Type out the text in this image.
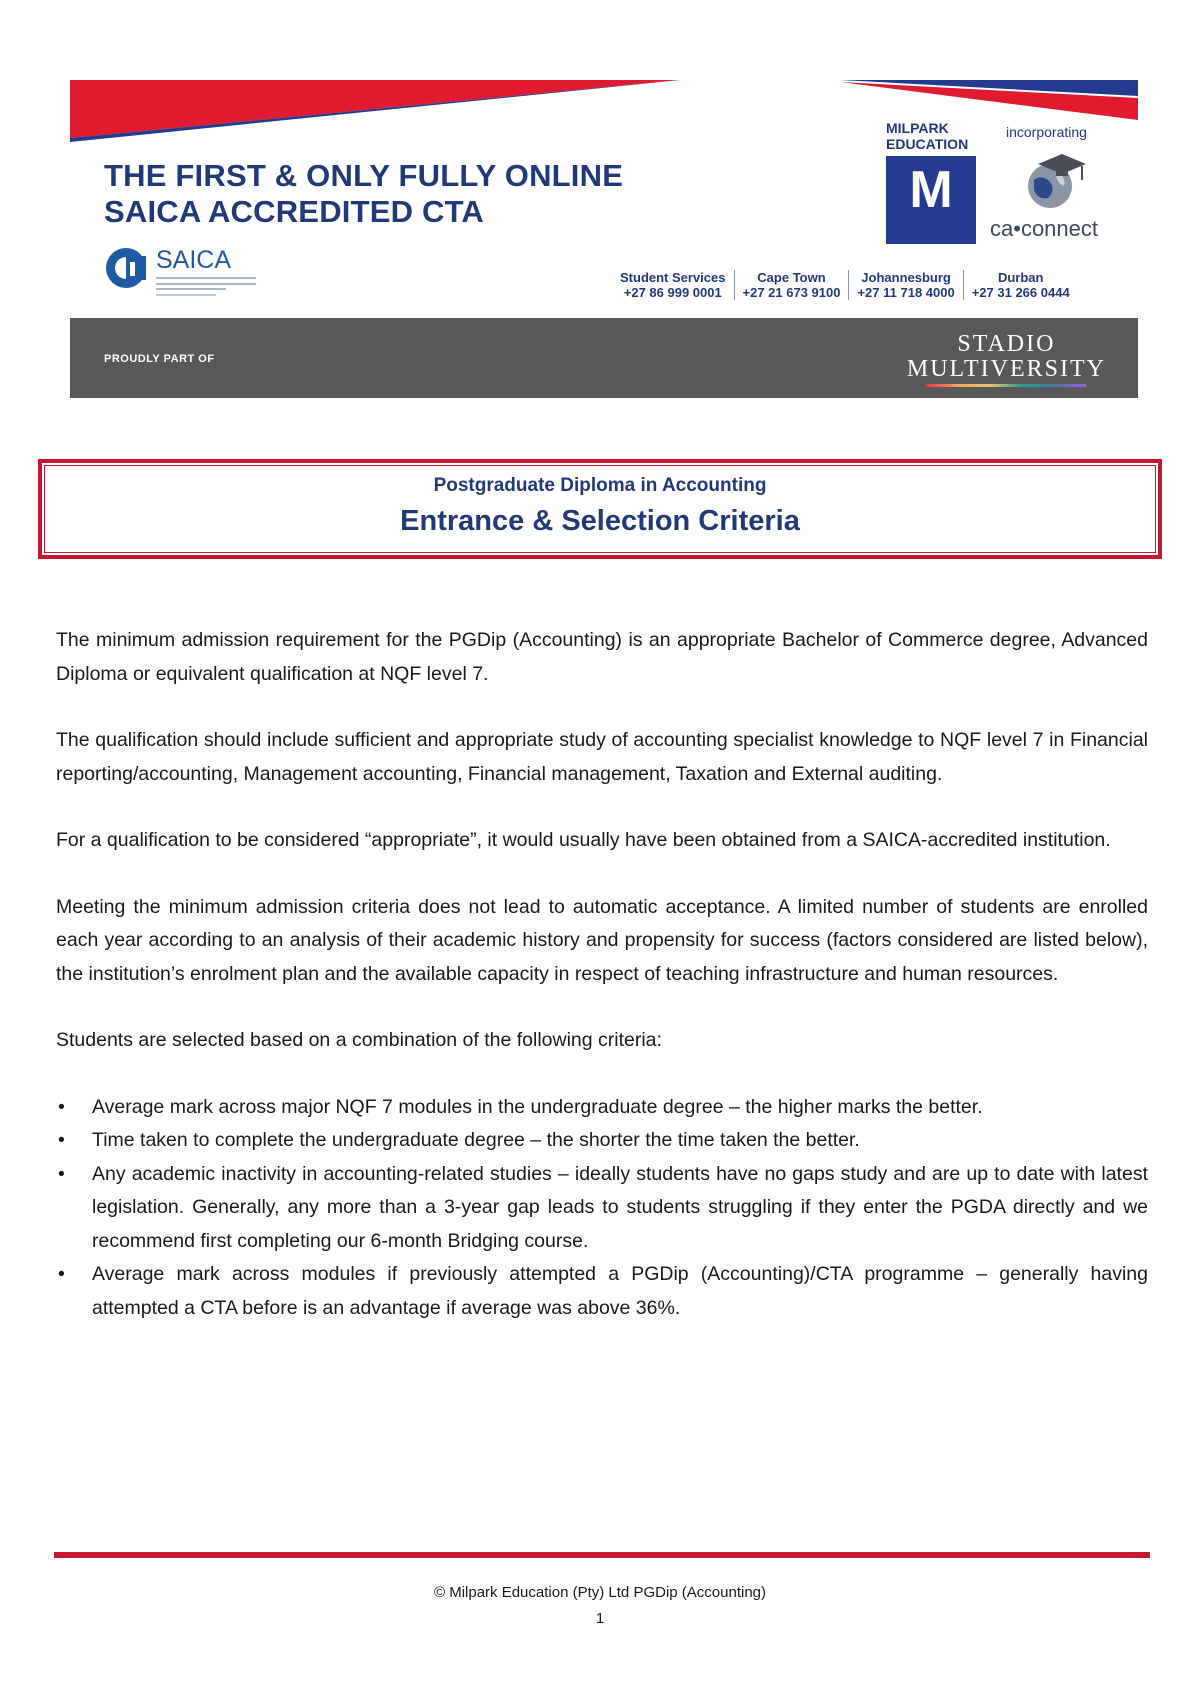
THE FIRST & ONLY FULLY ONLINE
SAICA ACCREDITED CTA
SAICA
MILPARK
EDUCATION
M
incorporating
ca•connect
Student Services
+27 86 999 0001
Cape Town
+27 21 673 9100
Johannesburg
+27 11 718 4000
Durban
+27 31 266 0444
PROUDLY PART OF
STADIO
MULTIVERSITY
Postgraduate Diploma in Accounting
Entrance & Selection Criteria

The minimum admission requirement for the PGDip (Accounting) is an appropriate Bachelor of Commerce degree, Advanced Diploma or equivalent qualification at NQF level 7.

The qualification should include sufficient and appropriate study of accounting specialist knowledge to NQF level 7 in Financial reporting/accounting, Management accounting, Financial management, Taxation and External auditing.

For a qualification to be considered “appropriate”, it would usually have been obtained from a SAICA-accredited institution.

Meeting the minimum admission criteria does not lead to automatic acceptance. A limited number of students are enrolled each year according to an analysis of their academic history and propensity for success (factors considered are listed below), the institution’s enrolment plan and the available capacity in respect of teaching infrastructure and human resources.

Students are selected based on a combination of the following criteria:

• Average mark across major NQF 7 modules in the undergraduate degree – the higher marks the better.
• Time taken to complete the undergraduate degree – the shorter the time taken the better.
• Any academic inactivity in accounting-related studies – ideally students have no gaps study and are up to date with latest legislation. Generally, any more than a 3-year gap leads to students struggling if they enter the PGDA directly and we recommend first completing our 6-month Bridging course.
• Average mark across modules if previously attempted a PGDip (Accounting)/CTA programme – generally having attempted a CTA before is an advantage if average was above 36%.
© Milpark Education (Pty) Ltd PGDip (Accounting)
1
